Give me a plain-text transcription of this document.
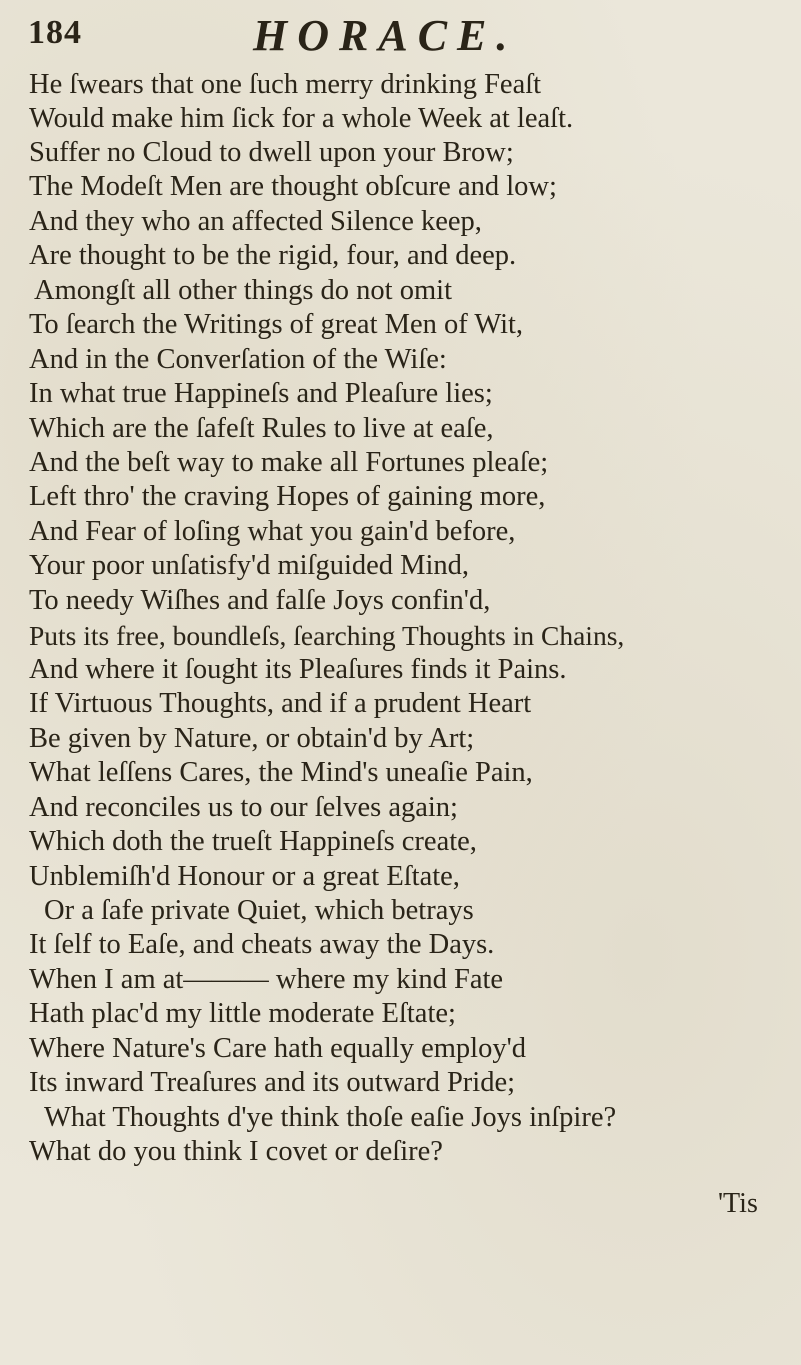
184	HORACE.
He ſwears that one ſuch merry drinking Feaſt
Would make him ſick for a whole Week at leaſt.
Suffer no Cloud to dwell upon your Brow;
The Modeſt Men are thought obſcure and low;
And they who an affected Silence keep,
Are thought to be the rigid, four, and deep.
Amongſt all other things do not omit
To ſearch the Writings of great Men of Wit,
And in the Converſation of the Wiſe:
In what true Happineſs and Pleaſure lies;
Which are the ſafeſt Rules to live at eaſe,
And the beſt way to make all Fortunes pleaſe;
Left thro' the craving Hopes of gaining more,
And Fear of loſing what you gain'd before,
Your poor unſatisfy'd miſguided Mind,
To needy Wiſhes and falſe Joys confin'd,
Puts its free, boundleſs, ſearching Thoughts in Chains,
And where it ſought its Pleaſures finds it Pains.
If Virtuous Thoughts, and if a prudent Heart
Be given by Nature, or obtain'd by Art;
What leſſens Cares, the Mind's uneaſie Pain,
And reconciles us to our ſelves again;
Which doth the trueſt Happineſs create,
Unblemiſh'd Honour or a great Eſtate,
Or a ſafe private Quiet, which betrays
It ſelf to Eaſe, and cheats away the Days.
When I am at——— where my kind Fate
Hath plac'd my little moderate Eſtate;
Where Nature's Care hath equally employ'd
Its inward Treaſures and its outward Pride;
What Thoughts d'ye think thoſe eaſie Joys inſpire?
What do you think I covet or deſire?
'Tis
